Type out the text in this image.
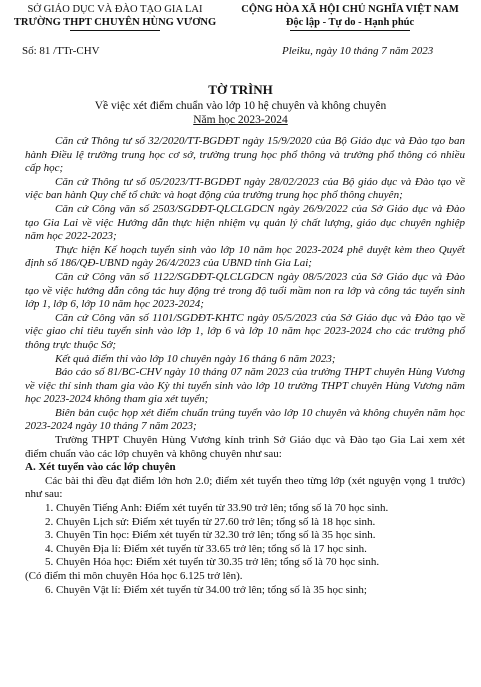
SỞ GIÁO DỤC VÀ ĐÀO TẠO GIA LAI
TRƯỜNG THPT CHUYÊN HÙNG VƯƠNG
CỘNG HÒA XÃ HỘI CHỦ NGHĨA VIỆT NAM
Độc lập - Tự do - Hạnh phúc
Số: 81 /TTr-CHV	Pleiku, ngày 10 tháng 7 năm 2023
TỜ TRÌNH
Về việc xét điểm chuẩn vào lớp 10 hệ chuyên và không chuyên
Năm học 2023-2024

Căn cứ Thông tư số 32/2020/TT-BGDĐT ngày 15/9/2020 của Bộ Giáo dục và Đào tạo ban hành Điều lệ trường trung học cơ sở, trường trung học phổ thông và trường phổ thông có nhiều cấp học;

Căn cứ Thông tư số 05/2023/TT-BGDĐT ngày 28/02/2023 của Bộ giáo dục và Đào tạo về việc ban hành Quy chế tổ chức và hoạt động của trường trung học phổ thông chuyên;

Căn cứ Công văn số 2503/SGDĐT-QLCLGDCN ngày 26/9/2022 của Sở Giáo dục và Đào tạo Gia Lai về việc Hướng dẫn thực hiện nhiệm vụ quản lý chất lượng, giáo dục chuyên nghiệp năm học 2022-2023;

Thực hiện Kế hoạch tuyển sinh vào lớp 10 năm học 2023-2024 phê duyệt kèm theo Quyết định số 186/QĐ-UBND ngày 26/4/2023 của UBND tỉnh Gia Lai;

Căn cứ Công văn số 1122/SGDĐT-QLCLGDCN ngày 08/5/2023 của Sở Giáo dục và Đào tạo về việc hướng dẫn công tác huy động trẻ trong độ tuổi mầm non ra lớp và công tác tuyển sinh lớp 1, lớp 6, lớp 10 năm học 2023-2024;

Căn cứ Công văn số 1101/SGDĐT-KHTC ngày 05/5/2023 của Sở Giáo dục và Đào tạo về việc giao chỉ tiêu tuyển sinh vào lớp 1, lớp 6 và lớp 10 năm học 2023-2024 cho các trường phổ thông trực thuộc Sở;

Kết quả điểm thi vào lớp 10 chuyên ngày 16 tháng 6 năm 2023;

Báo cáo số 81/BC-CHV ngày 10 tháng 07 năm 2023 của trường THPT chuyên Hùng Vương về việc thí sinh tham gia vào Kỳ thi tuyển sinh vào lớp 10 trường THPT chuyên Hùng Vương năm học 2023-2024 không tham gia xét tuyển;

Biên bản cuộc họp xét điểm chuẩn trúng tuyển vào lớp 10 chuyên và không chuyên năm học 2023-2024 ngày 10 tháng 7 năm 2023;

Trường THPT Chuyên Hùng Vương kính trình Sở Giáo dục và Đào tạo Gia Lai xem xét điểm chuẩn vào các lớp chuyên và không chuyên như sau:

A. Xét tuyển vào các lớp chuyên

Các bài thi đều đạt điểm lớn hơn 2.0; điểm xét tuyển theo từng lớp (xét nguyện vọng 1 trước) như sau:

1. Chuyên Tiếng Anh: Điểm xét tuyển từ 33.90 trở lên; tổng số là 70 học sinh.

2. Chuyên Lịch sử: Điểm xét tuyển từ 27.60 trở lên; tổng số là 18 học sinh.

3. Chuyên Tin học: Điểm xét tuyển từ 32.30 trở lên; tổng số là 35 học sinh.

4. Chuyên Địa lí: Điểm xét tuyển từ 33.65 trở lên; tổng số là 17 học sinh.

5. Chuyên Hóa học: Điểm xét tuyển từ 30.35 trở lên; tổng số là 70 học sinh.

(Có điểm thi môn chuyên Hóa học 6.125 trở lên).

6. Chuyên Vật lí: Điểm xét tuyển từ 34.00 trở lên; tổng số là 35 học sinh;
